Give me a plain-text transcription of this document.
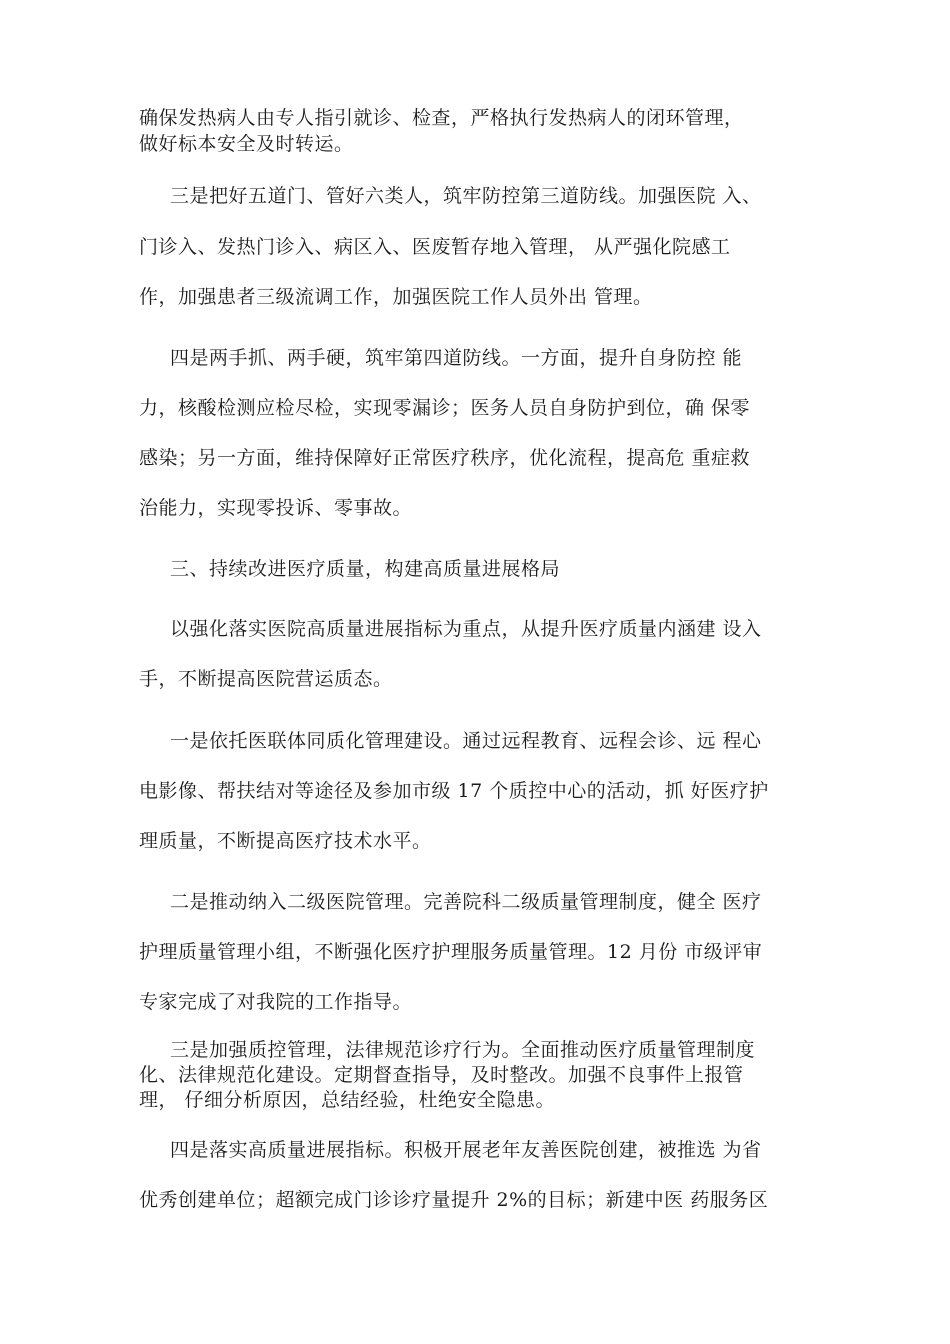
确保发热病人由专人指引就诊、检查，严格执行发热病人的闭环管理，
做好标本安全及时转运。
三是把好五道门、管好六类人，筑牢防控第三道防线。加强医院 入、
门诊入、发热门诊入、病区入、医废暂存地入管理， 从严强化院感工
作，加强患者三级流调工作，加强医院工作人员外出 管理。
四是两手抓、两手硬，筑牢第四道防线。一方面，提升自身防控 能
力，核酸检测应检尽检，实现零漏诊；医务人员自身防护到位，确 保零
感染；另一方面，维持保障好正常医疗秩序，优化流程，提高危 重症救
治能力，实现零投诉、零事故。
三、持续改进医疗质量，构建高质量进展格局
以强化落实医院高质量进展指标为重点，从提升医疗质量内涵建 设入
手，不断提高医院营运质态。
一是依托医联体同质化管理建设。通过远程教育、远程会诊、远 程心
电影像、帮扶结对等途径及参加市级 17 个质控中心的活动，抓 好医疗护
理质量，不断提高医疗技术水平。
二是推动纳入二级医院管理。完善院科二级质量管理制度，健全 医疗
护理质量管理小组，不断强化医疗护理服务质量管理。12 月份 市级评审
专家完成了对我院的工作指导。
三是加强质控管理，法律规范诊疗行为。全面推动医疗质量管理制度
化、法律规范化建设。定期督查指导，及时整改。加强不良事件上报管
理， 仔细分析原因，总结经验，杜绝安全隐患。
四是落实高质量进展指标。积极开展老年友善医院创建，被推选 为省
优秀创建单位；超额完成门诊诊疗量提升 2%的目标；新建中医 药服务区
